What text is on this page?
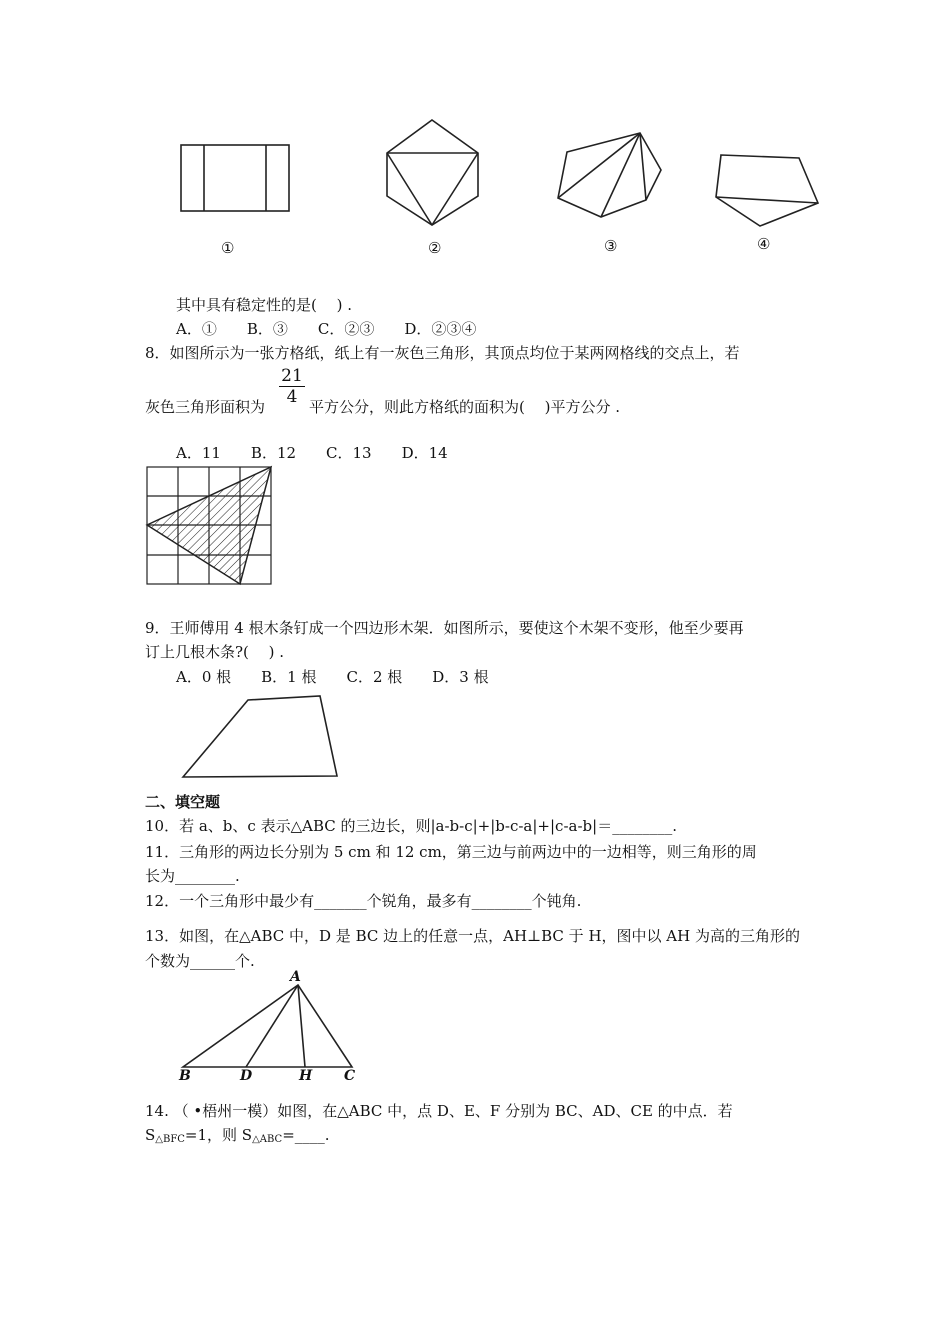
①	②	③	④
其中具有稳定性的是(　 ) .
A．①　　B．③　　C．②③　　D．②③④
8．如图所示为一张方格纸，纸上有一灰色三角形，其顶点均位于某两网格线的交点上，若
$\frac{21}{4}$
灰色三角形面积为	平方公分，则此方格纸的面积为(　 )平方公分 .
A．11　　B．12　　C．13　　D．14
9．王师傅用 4 根木条钉成一个四边形木架．如图所示，要使这个木架不变形，他至少要再
订上几根木条?(　 ) .
A．0 根　　B．1 根　　C．2 根　　D．3 根
二、填空题
10．若 a、b、c 表示△ABC 的三边长，则|a-b-c|+|b-c-a|+|c-a-b|＝________.
11．三角形的两边长分别为 5 cm 和 12 cm，第三边与前两边中的一边相等，则三角形的周
长为________.
12．一个三角形中最少有_______个锐角，最多有________个钝角.
13．如图，在△ABC 中，D 是 BC 边上的任意一点，AH⊥BC 于 H，图中以 AH 为高的三角形的
个数为______个.
A
B	D	H C
14. （ •梧州一模）如图，在△ABC 中，点 D、E、F 分别为 BC、AD、CE 的中点．若
$S_{\triangle BFC}=1$，则 $S_{\triangle ABC}=\_\_\_\_$.
